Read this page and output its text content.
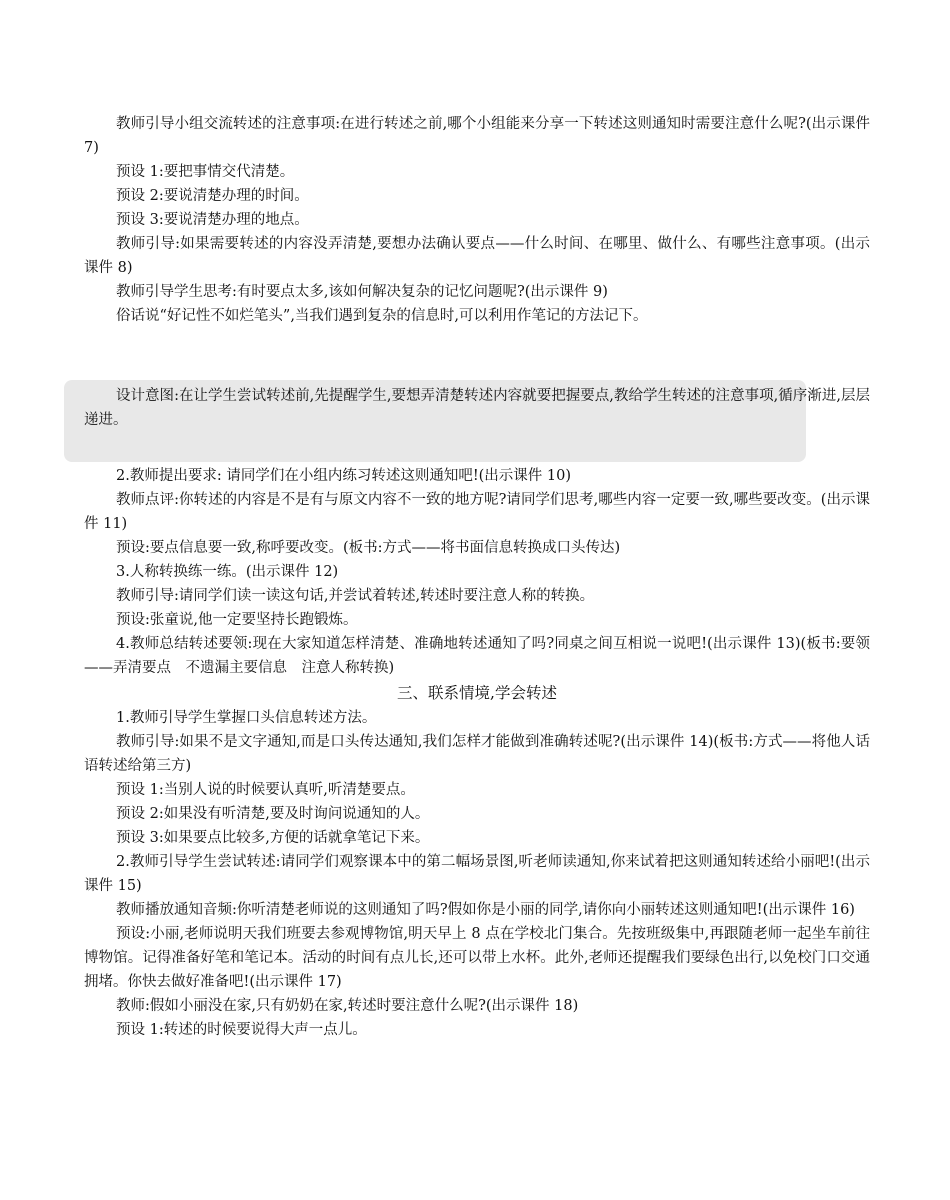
教师引导小组交流转述的注意事项:在进行转述之前,哪个小组能来分享一下转述这则通知时需要注意什么呢?(出示课件 7)

预设 1:要把事情交代清楚。

预设 2:要说清楚办理的时间。

预设 3:要说清楚办理的地点。

教师引导:如果需要转述的内容没弄清楚,要想办法确认要点——什么时间、在哪里、做什么、有哪些注意事项。(出示课件 8)

教师引导学生思考:有时要点太多,该如何解决复杂的记忆问题呢?(出示课件 9)

俗话说“好记性不如烂笔头”,当我们遇到复杂的信息时,可以利用作笔记的方法记下。

设计意图:在让学生尝试转述前,先提醒学生,要想弄清楚转述内容就要把握要点,教给学生转述的注意事项,循序渐进,层层递进。

2.教师提出要求: 请同学们在小组内练习转述这则通知吧!(出示课件 10)

教师点评:你转述的内容是不是有与原文内容不一致的地方呢?请同学们思考,哪些内容一定要一致,哪些要改变。(出示课件 11)

预设:要点信息要一致,称呼要改变。(板书:方式——将书面信息转换成口头传达)

3.人称转换练一练。(出示课件 12)

教师引导:请同学们读一读这句话,并尝试着转述,转述时要注意人称的转换。

预设:张童说,他一定要坚持长跑锻炼。

4.教师总结转述要领:现在大家知道怎样清楚、准确地转述通知了吗?同桌之间互相说一说吧!(出示课件 13)(板书:要领——弄清要点　不遗漏主要信息　注意人称转换)

三、联系情境,学会转述

1.教师引导学生掌握口头信息转述方法。

教师引导:如果不是文字通知,而是口头传达通知,我们怎样才能做到准确转述呢?(出示课件 14)(板书:方式——将他人话语转述给第三方)

预设 1:当别人说的时候要认真听,听清楚要点。

预设 2:如果没有听清楚,要及时询问说通知的人。

预设 3:如果要点比较多,方便的话就拿笔记下来。

2.教师引导学生尝试转述:请同学们观察课本中的第二幅场景图,听老师读通知,你来试着把这则通知转述给小丽吧!(出示课件 15)

教师播放通知音频:你听清楚老师说的这则通知了吗?假如你是小丽的同学,请你向小丽转述这则通知吧!(出示课件 16)

预设:小丽,老师说明天我们班要去参观博物馆,明天早上 8 点在学校北门集合。先按班级集中,再跟随老师一起坐车前往博物馆。记得准备好笔和笔记本。活动的时间有点儿长,还可以带上水杯。此外,老师还提醒我们要绿色出行,以免校门口交通拥堵。你快去做好准备吧!(出示课件 17)

教师:假如小丽没在家,只有奶奶在家,转述时要注意什么呢?(出示课件 18)

预设 1:转述的时候要说得大声一点儿。
